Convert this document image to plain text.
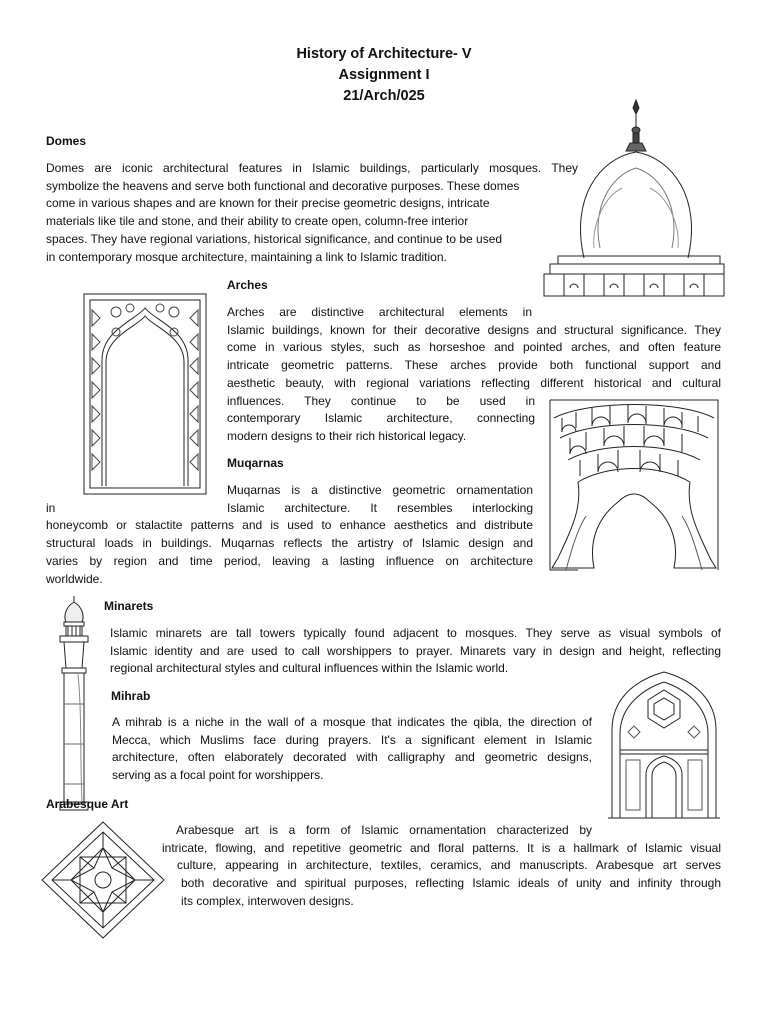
History of Architecture- V
Assignment I
21/Arch/025
Domes
Domes are iconic architectural features in Islamic buildings, particularly mosques. They
symbolize the heavens and serve both functional and decorative purposes. These domes
come in various shapes and are known for their precise geometric designs, intricate
materials like tile and stone, and their ability to create open, column-free interior
spaces. They have regional variations, historical significance, and continue to be used
in contemporary mosque architecture, maintaining a link to Islamic tradition.
Arches
Arches are distinctive architectural elements in
Islamic buildings, known for their decorative designs and structural significance. They
come in various styles, such as horseshoe and pointed arches, and often feature
intricate geometric patterns. These arches provide both functional support and
aesthetic beauty, with regional variations reflecting different historical and cultural
influences. They continue to be used in
contemporary Islamic architecture, connecting
modern designs to their rich historical legacy.
Muqarnas
Muqarnas is a distinctive geometric ornamentation
in	Islamic architecture. It resembles interlocking
honeycomb or stalactite patterns and is used to enhance aesthetics and distribute
structural loads in buildings. Muqarnas reflects the artistry of Islamic design and
varies by region and time period, leaving a lasting influence on architecture
worldwide.
Minarets
Islamic minarets are tall towers typically found adjacent to mosques. They serve as visual symbols of
Islamic identity and are used to call worshippers to prayer. Minarets vary in design and height, reflecting
regional architectural styles and cultural influences within the Islamic world.
Mihrab
A mihrab is a niche in the wall of a mosque that indicates the qibla, the direction of
Mecca, which Muslims face during prayers. It's a significant element in Islamic
architecture, often elaborately decorated with calligraphy and geometric designs,
serving as a focal point for worshippers.
Arabesque Art
Arabesque art is a form of Islamic ornamentation characterized by
intricate, flowing, and repetitive geometric and floral patterns. It is a hallmark of Islamic visual
culture, appearing in architecture, textiles, ceramics, and manuscripts. Arabesque art serves
both decorative and spiritual purposes, reflecting Islamic ideals of unity and infinity through
its complex, interwoven designs.
